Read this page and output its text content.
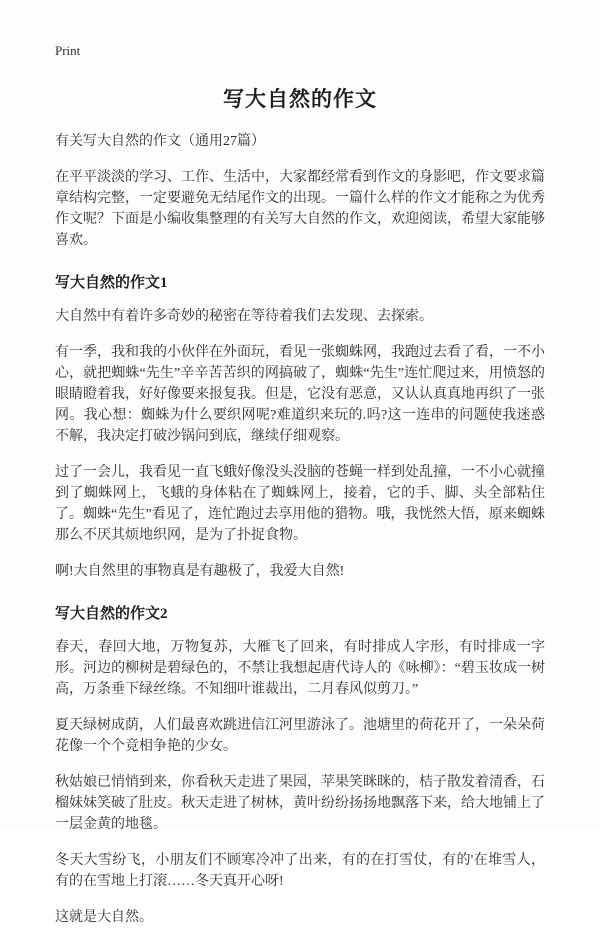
Print
写大自然的作文

有关写大自然的作文（通用27篇）

在平平淡淡的学习、工作、生活中，大家都经常看到作文的身影吧，作文要求篇章结构完整，一定要避免无结尾作文的出现。一篇什么样的作文才能称之为优秀作文呢？下面是小编收集整理的有关写大自然的作文，欢迎阅读，希望大家能够喜欢。

写大自然的作文1

大自然中有着许多奇妙的秘密在等待着我们去发现、去探索。

有一季，我和我的小伙伴在外面玩，看见一张蜘蛛网，我跑过去看了看，一不小心，就把蜘蛛“先生”辛辛苦苦织的网搞破了，蜘蛛“先生”连忙爬过来，用愤怒的眼睛瞪着我，好好像要来报复我。但是，它没有恶意，又认认真真地再织了一张网。我心想：蜘蛛为什么要织网呢?难道织来玩的.吗?这一连串的问题使我迷惑不解，我决定打破沙锅问到底，继续仔细观察。

过了一会儿，我看见一直飞蛾好像没头没脑的苍蝇一样到处乱撞，一不小心就撞到了蜘蛛网上，飞蛾的身体粘在了蜘蛛网上，接着，它的手、脚、头全部粘住了。蜘蛛“先生”看见了，连忙跑过去享用他的猎物。哦，我恍然大悟，原来蜘蛛那么不厌其烦地织网，是为了扑捉食物。

啊!大自然里的事物真是有趣极了，我爱大自然!

写大自然的作文2

春天，春回大地，万物复苏，大雁飞了回来，有时排成人字形，有时排成一字形。河边的柳树是碧绿色的，不禁让我想起唐代诗人的《咏柳》：“碧玉妆成一树高，万条垂下绿丝绦。不知细叶谁裁出，二月春风似剪刀。”

夏天绿树成荫，人们最喜欢跳进信江河里游泳了。池塘里的荷花开了，一朵朵荷花像一个个竞相争艳的少女。

秋姑娘已悄悄到来，你看秋天走进了果园，苹果笑眯眯的，桔子散发着清香，石榴妹妹笑破了肚皮。秋天走进了树林，黄叶纷纷扬扬地飘落下来，给大地铺上了一层金黄的地毯。

冬天大雪纷飞，小朋友们不顾寒冷冲了出来，有的在打雪仗，有的'在堆雪人，有的在雪地上打滚……冬天真开心呀!

这就是大自然。
